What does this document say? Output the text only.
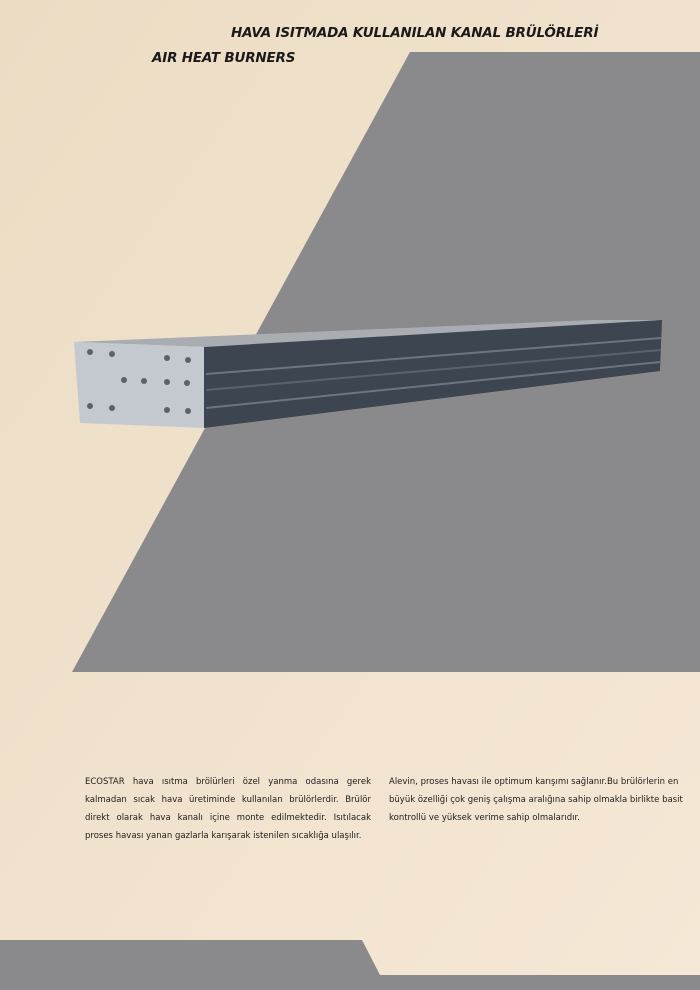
HAVA ISITMADA KULLANILAN KANAL BRÜLÖRLERİ
AIR HEAT BURNERS

ECOSTAR hava ısıtma brölürleri özel yanma odasına gerek kalmadan sıcak hava üretiminde kullanılan brülörlerdir. Brülör direkt olarak hava kanalı içine monte edilmektedir. Isıtılacak proses havası yanan gazlarla karışarak istenilen sıcaklığa ulaşılır.

Alevin, proses havası ile optimum karışımı sağlanır.Bu brülörlerin en büyük özelliği çok geniş çalışma aralığına sahip olmakla birlikte basit kontrollü ve yüksek verime sahip olmalarıdır.
